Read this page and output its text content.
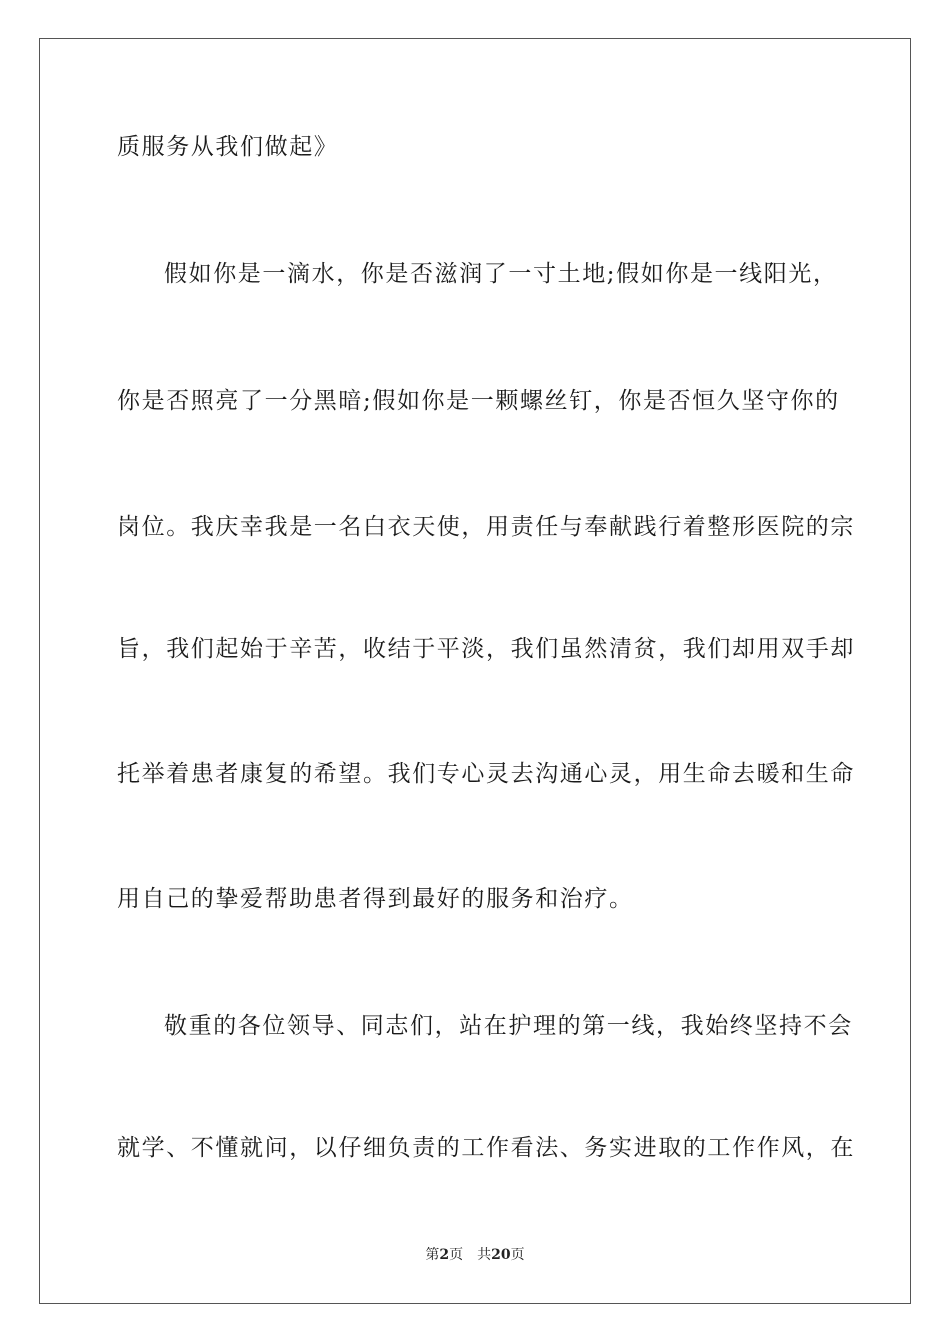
质服务从我们做起》
假如你是一滴水，你是否滋润了一寸土地;假如你是一线阳光，
你是否照亮了一分黑暗;假如你是一颗螺丝钉，你是否恒久坚守你的
岗位。我庆幸我是一名白衣天使，用责任与奉献践行着整形医院的宗
旨，我们起始于辛苦，收结于平淡，我们虽然清贫，我们却用双手却
托举着患者康复的希望。我们专心灵去沟通心灵，用生命去暖和生命
用自己的挚爱帮助患者得到最好的服务和治疗。
敬重的各位领导、同志们，站在护理的第一线，我始终坚持不会
就学、不懂就问，以仔细负责的工作看法、务实进取的工作作风，在
第2页 共20页
